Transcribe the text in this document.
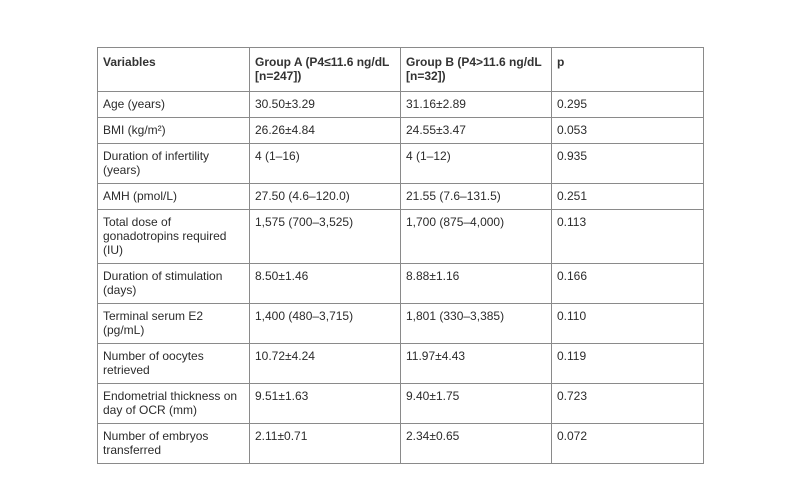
Variables	Group A (P4≤11.6 ng/dL [n=247])	Group B (P4>11.6 ng/dL [n=32])	p
Age (years)	30.50±3.29	31.16±2.89	0.295
BMI (kg/m²)	26.26±4.84	24.55±3.47	0.053
Duration of infertility (years)	4 (1–16)	4 (1–12)	0.935
AMH (pmol/L)	27.50 (4.6–120.0)	21.55 (7.6–131.5)	0.251
Total dose of gonadotropins required (IU)	1,575 (700–3,525)	1,700 (875–4,000)	0.113
Duration of stimulation (days)	8.50±1.46	8.88±1.16	0.166
Terminal serum E2 (pg/mL)	1,400 (480–3,715)	1,801 (330–3,385)	0.110
Number of oocytes retrieved	10.72±4.24	11.97±4.43	0.119
Endometrial thickness on day of OCR (mm)	9.51±1.63	9.40±1.75	0.723
Number of embryos transferred	2.11±0.71	2.34±0.65	0.072
